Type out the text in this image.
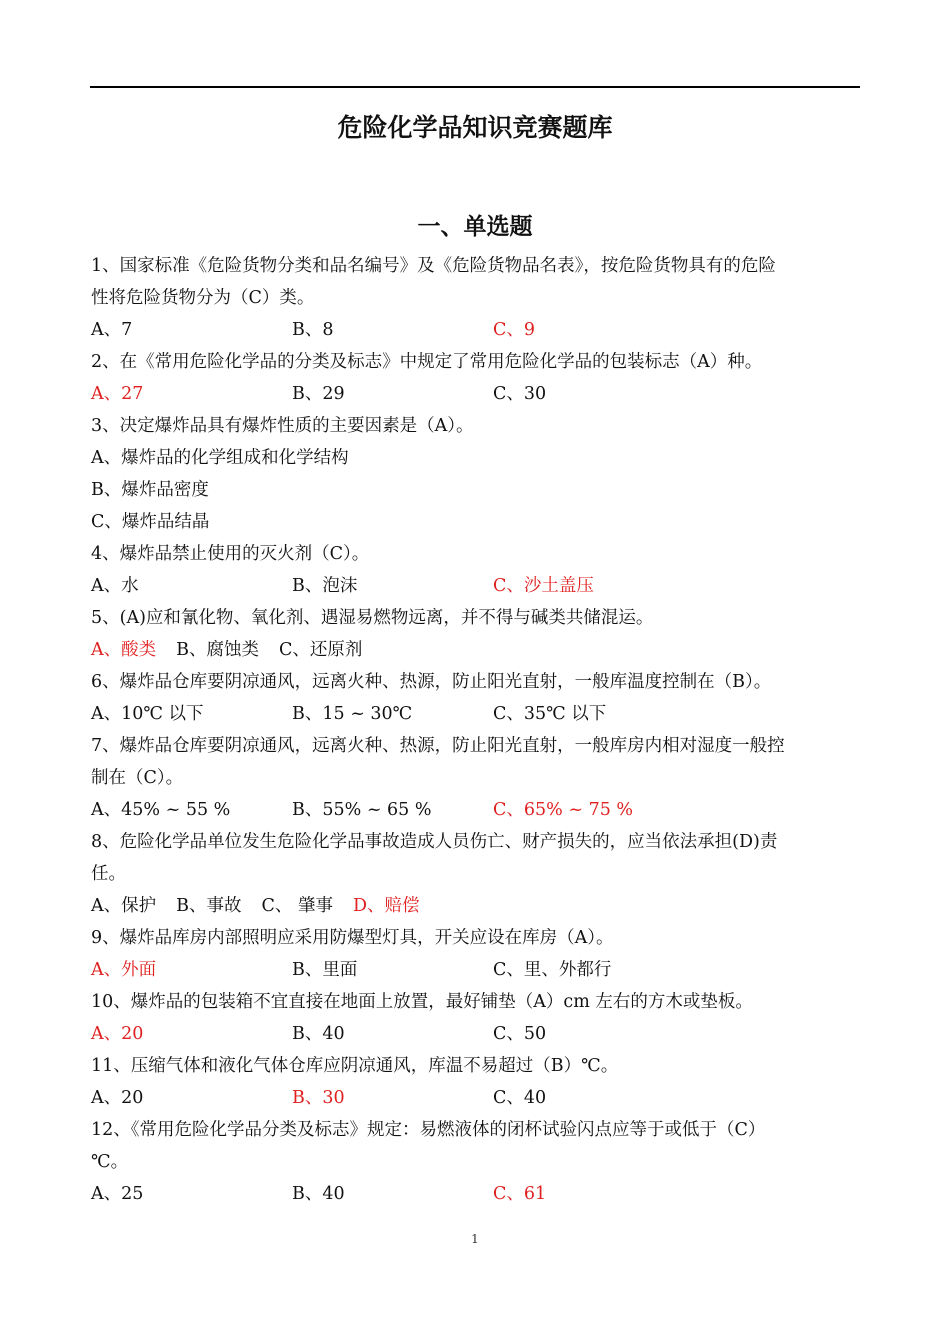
危险化学品知识竞赛题库
一、单选题
1、国家标准《危险货物分类和品名编号》及《危险货物品名表》，按危险货物具有的危险
性将危险货物分为（C）类。
A、7	B、8	C、9
2、在《常用危险化学品的分类及标志》中规定了常用危险化学品的包装标志（A）种。
A、27	B、29	C、30
3、决定爆炸品具有爆炸性质的主要因素是（A）。
A、爆炸品的化学组成和化学结构
B、爆炸品密度
C、爆炸品结晶
4、爆炸品禁止使用的灭火剂（C）。
A、水	B、泡沫	C、沙土盖压
5、(A)应和氰化物、氧化剂、遇湿易燃物远离，并不得与碱类共储混运。
A、酸类 B、腐蚀类 C、还原剂
6、爆炸品仓库要阴凉通风，远离火种、热源，防止阳光直射，一般库温度控制在（B）。
A、10℃ 以下	B、15 ~ 30℃	C、35℃ 以下
7、爆炸品仓库要阴凉通风，远离火种、热源，防止阳光直射，一般库房内相对湿度一般控
制在（C）。
A、45% ~ 55 %	B、55% ~ 65 %	C、65% ~ 75 %
8、危险化学品单位发生危险化学品事故造成人员伤亡、财产损失的，应当依法承担(D)责
任。
A、保护 B、事故 C、 肇事 D、赔偿
9、爆炸品库房内部照明应采用防爆型灯具，开关应设在库房（A）。
A、外面	B、里面	C、里、外都行
10、爆炸品的包装箱不宜直接在地面上放置，最好铺垫（A）cm 左右的方木或垫板。
A、20	B、40	C、50
11、压缩气体和液化气体仓库应阴凉通风，库温不易超过（B）℃。
A、20	B、30	C、40
12、《常用危险化学品分类及标志》规定：易燃液体的闭杯试验闪点应等于或低于（C）
℃。
A、25	B、40	C、61
1
